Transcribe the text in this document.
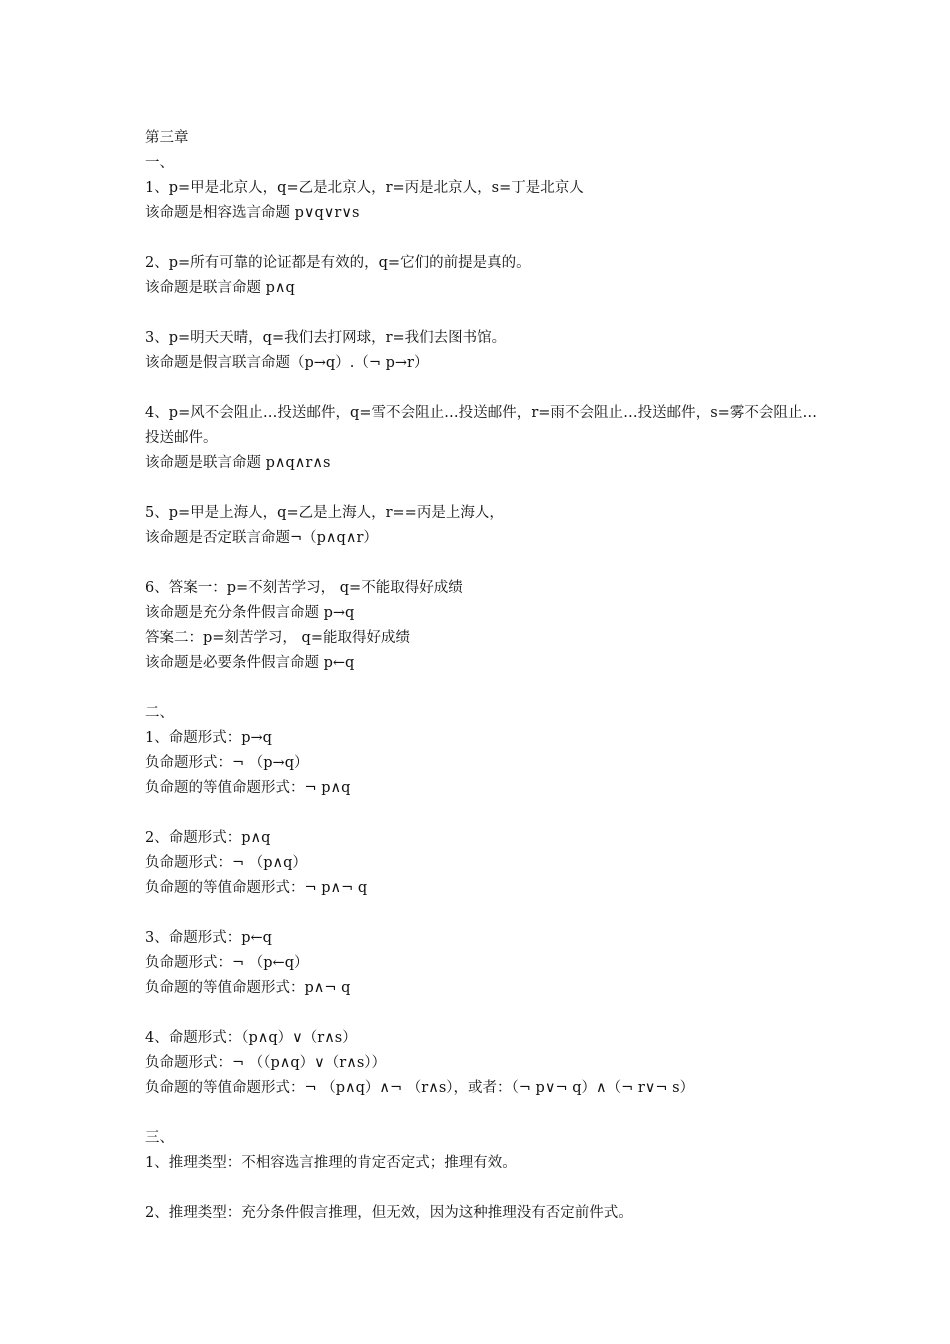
第三章
一、
1、p=甲是北京人，q=乙是北京人，r=丙是北京人，s=丁是北京人
该命题是相容选言命题 p∨q∨r∨s
2、p=所有可靠的论证都是有效的，q=它们的前提是真的。
该命题是联言命题 p∧q
3、p=明天天晴，q=我们去打网球，r=我们去图书馆。
该命题是假言联言命题（p→q）.（¬ p→r）
4、p=风不会阻止…投送邮件，q=雪不会阻止…投送邮件，r=雨不会阻止…投送邮件，s=雾不会阻止…投送邮件。
该命题是联言命题 p∧q∧r∧s
5、p=甲是上海人，q=乙是上海人，r==丙是上海人，
该命题是否定联言命题¬（p∧q∧r）
6、答案一：p=不刻苦学习， q=不能取得好成绩
该命题是充分条件假言命题 p→q
答案二：p=刻苦学习， q=能取得好成绩
该命题是必要条件假言命题 p←q
二、
1、命题形式：p→q
负命题形式：¬ （p→q）
负命题的等值命题形式：¬ p∧q
2、命题形式：p∧q
负命题形式：¬ （p∧q）
负命题的等值命题形式：¬ p∧¬ q
3、命题形式：p←q
负命题形式：¬ （p←q）
负命题的等值命题形式：p∧¬ q
4、命题形式：（p∧q）∨（r∧s）
负命题形式：¬ （（p∧q）∨（r∧s））
负命题的等值命题形式：¬ （p∧q）∧¬ （r∧s），或者：（¬ p∨¬ q）∧（¬ r∨¬ s）
三、
1、推理类型：不相容选言推理的肯定否定式；推理有效。
2、推理类型：充分条件假言推理，但无效，因为这种推理没有否定前件式。
